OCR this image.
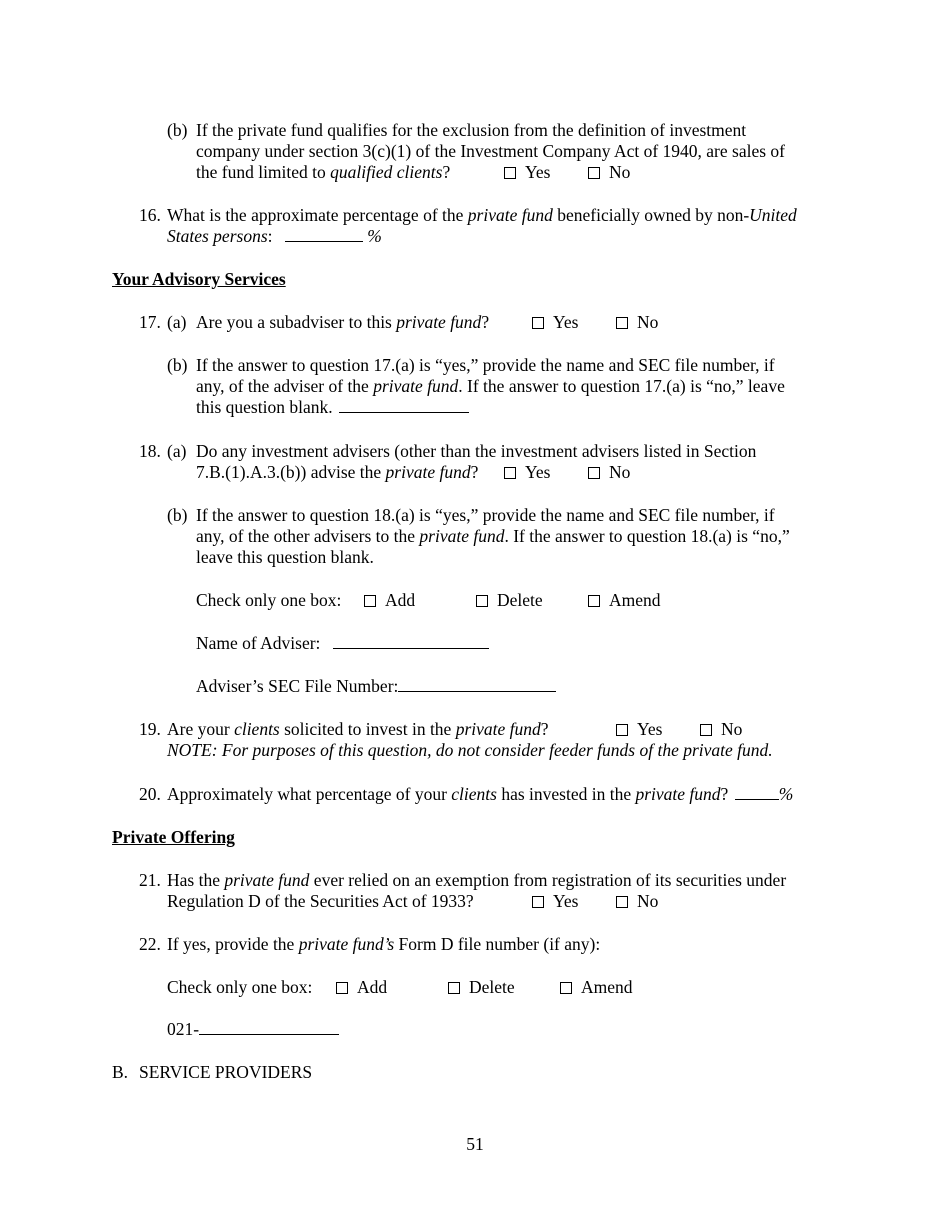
(b) If the private fund qualifies for the exclusion from the definition of investment
company under section 3(c)(1) of the Investment Company Act of 1940, are sales of
the fund limited to qualified clients?	Yes	No
16. What is the approximate percentage of the private fund beneficially owned by non-United
States persons:	%
Your Advisory Services
17. (a) Are you a subadviser to this private fund?	Yes	No
(b) If the answer to question 17.(a) is “yes,” provide the name and SEC file number, if
any, of the adviser of the private fund. If the answer to question 17.(a) is “no,” leave
this question blank.
18. (a) Do any investment advisers (other than the investment advisers listed in Section
7.B.(1).A.3.(b)) advise the private fund?	Yes	No
(b) If the answer to question 18.(a) is “yes,” provide the name and SEC file number, if
any, of the other advisers to the private fund. If the answer to question 18.(a) is “no,”
leave this question blank.
Check only one box:	Add	Delete	Amend
Name of Adviser:
Adviser’s SEC File Number:
19. Are your clients solicited to invest in the private fund?	Yes	No
NOTE: For purposes of this question, do not consider feeder funds of the private fund.
20. Approximately what percentage of your clients has invested in the private fund?	%
Private Offering
21. Has the private fund ever relied on an exemption from registration of its securities under
Regulation D of the Securities Act of 1933?	Yes	No
22. If yes, provide the private fund’s Form D file number (if any):
Check only one box:	Add	Delete	Amend
021-
B. SERVICE PROVIDERS
51
